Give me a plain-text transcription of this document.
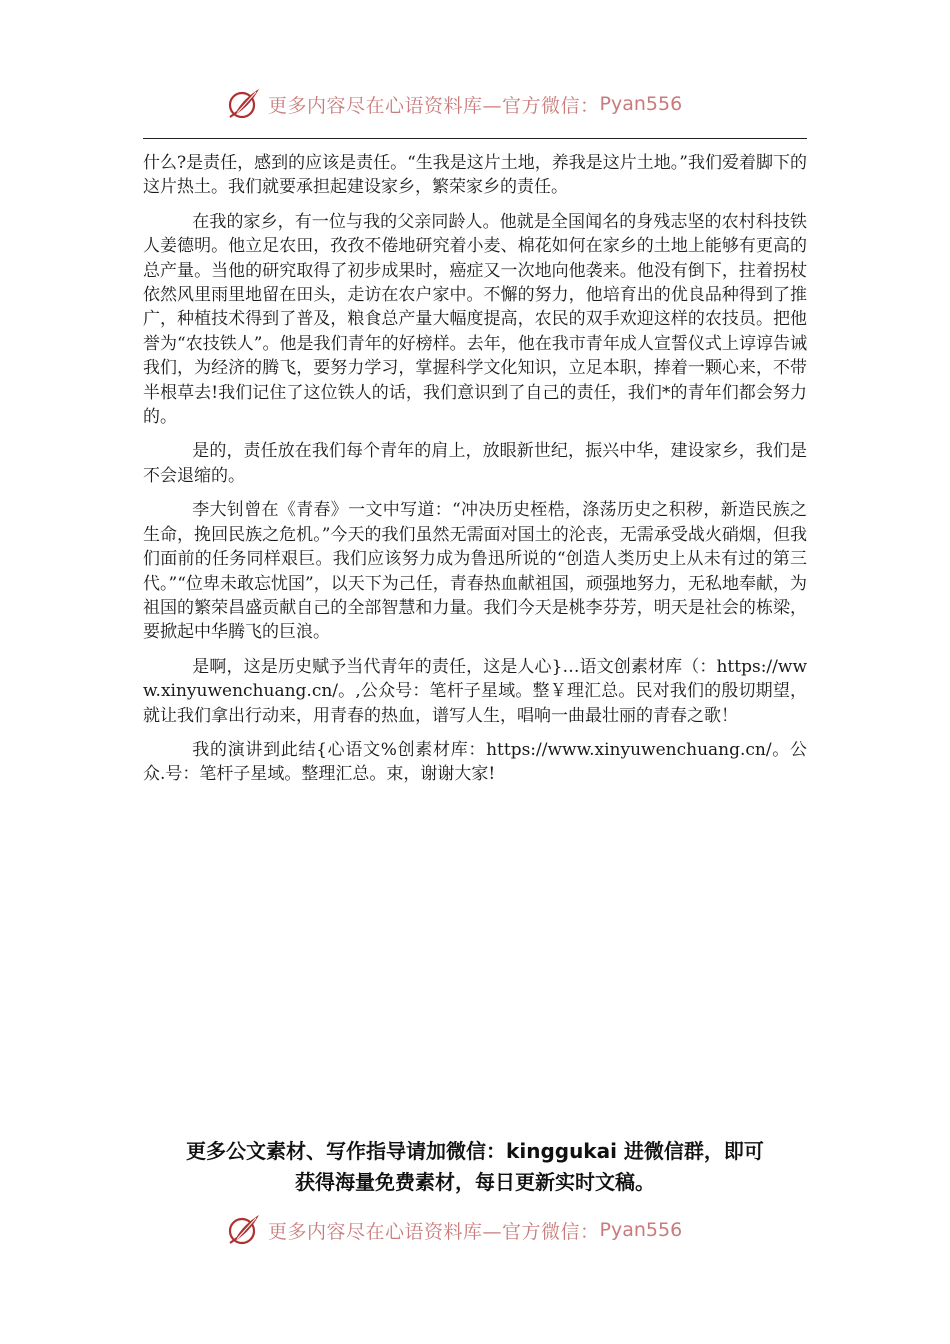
更多内容尽在心语资料库—官方微信： Pyan556

什么?是责任，感到的应该是责任。“生我是这片土地，养我是这片土地。”我们爱着脚下的这片热土。我们就要承担起建设家乡，繁荣家乡的责任。

在我的家乡，有一位与我的父亲同龄人。他就是全国闻名的身残志坚的农村科技铁人姜德明。他立足农田，孜孜不倦地研究着小麦、棉花如何在家乡的土地上能够有更高的总产量。当他的研究取得了初步成果时，癌症又一次地向他袭来。他没有倒下，拄着拐杖依然风里雨里地留在田头，走访在农户家中。不懈的努力，他培育出的优良品种得到了推广，种植技术得到了普及，粮食总产量大幅度提高，农民的双手欢迎这样的农技员。把他誉为“农技铁人”。他是我们青年的好榜样。去年，他在我市青年成人宣誓仪式上谆谆告诫我们，为经济的腾飞，要努力学习，掌握科学文化知识，立足本职，捧着一颗心来，不带半根草去!我们记住了这位铁人的话，我们意识到了自己的责任，我们*的青年们都会努力的。

是的，责任放在我们每个青年的肩上，放眼新世纪，振兴中华，建设家乡，我们是不会退缩的。

李大钊曾在《青春》一文中写道：“冲决历史桎梏，涤荡历史之积秽，新造民族之生命，挽回民族之危机。”今天的我们虽然无需面对国土的沦丧，无需承受战火硝烟，但我们面前的任务同样艰巨。我们应该努力成为鲁迅所说的“创造人类历史上从未有过的第三代。”“位卑未敢忘忧国”，以天下为己任，青春热血献祖国，顽强地努力，无私地奉献，为祖国的繁荣昌盛贡献自己的全部智慧和力量。我们今天是桃李芬芳，明天是社会的栋梁，要掀起中华腾飞的巨浪。

是啊，这是历史赋予当代青年的责任，这是人心}…语文创素材库（：https://www.xinyuwenchuang.cn/。,公众号：笔杆子星域。整￥理汇总。民对我们的殷切期望，就让我们拿出行动来，用青春的热血，谱写人生，唱响一曲最壮丽的青春之歌！

我的演讲到此结{心语文%创素材库：https://www.xinyuwenchuang.cn/。公众.号：笔杆子星域。整理汇总。束，谢谢大家!

更多公文素材、写作指导请加微信：kinggukai 进微信群，即可
获得海量免费素材，每日更新实时文稿。
更多内容尽在心语资料库—官方微信： Pyan556
